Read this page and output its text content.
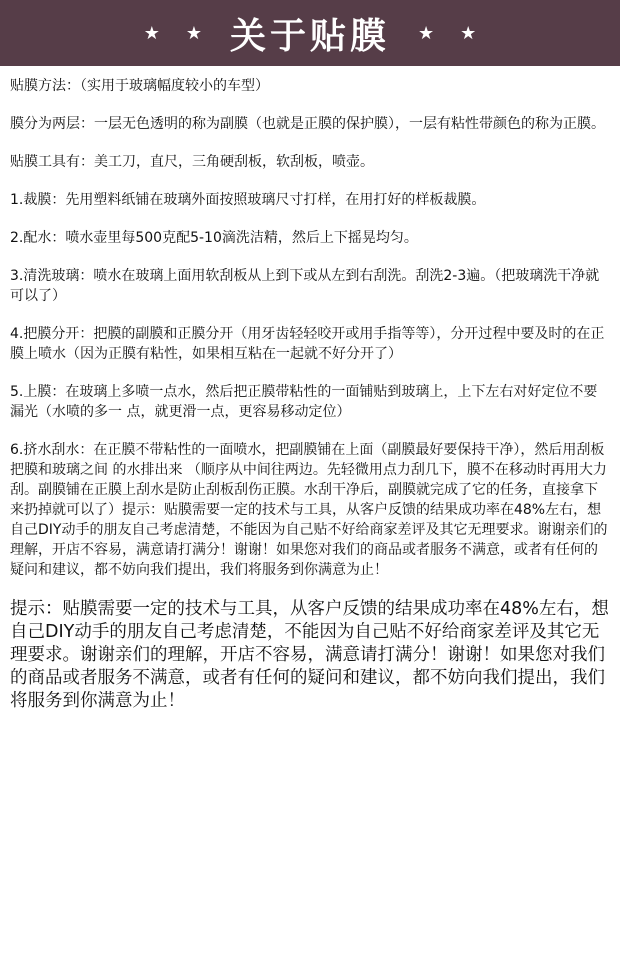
★ ★ 关于贴膜 ★ ★

贴膜方法：（实用于玻璃幅度较小的车型）

膜分为两层：一层无色透明的称为副膜（也就是正膜的保护膜），一层有粘性带颜色的称为正膜。

贴膜工具有：美工刀，直尺，三角硬刮板，软刮板，喷壶。

1.裁膜：先用塑料纸铺在玻璃外面按照玻璃尺寸打样，在用打好的样板裁膜。

2.配水：喷水壶里每500克配5-10滴洗洁精，然后上下摇晃均匀。

3.清洗玻璃：喷水在玻璃上面用软刮板从上到下或从左到右刮洗。刮洗2-3遍。（把玻璃洗干净就可以了）

4.把膜分开：把膜的副膜和正膜分开（用牙齿轻轻咬开或用手指等等），分开过程中要及时的在正膜上喷水（因为正膜有粘性，如果相互粘在一起就不好分开了）

5.上膜：在玻璃上多喷一点水，然后把正膜带粘性的一面铺贴到玻璃上，上下左右对好定位不要漏光（水喷的多一 点，就更滑一点，更容易移动定位）

6.挤水刮水：在正膜不带粘性的一面喷水，把副膜铺在上面（副膜最好要保持干净），然后用刮板把膜和玻璃之间 的水排出来 （顺序从中间往两边。先轻微用点力刮几下，膜不在移动时再用大力刮。副膜铺在正膜上刮水是防止刮板刮伤正膜。水刮干净后，副膜就完成了它的任务，直接拿下来扔掉就可以了）提示：贴膜需要一定的技术与工具，从客户反馈的结果成功率在48%左右，想自己DIY动手的朋友自己考虑清楚，不能因为自己贴不好给商家差评及其它无理要求。谢谢亲们的理解，开店不容易，满意请打满分！谢谢！如果您对我们的商品或者服务不满意，或者有任何的疑问和建议，都不妨向我们提出，我们将服务到你满意为止！

提示：贴膜需要一定的技术与工具，从客户反馈的结果成功率在48%左右，想自己DIY动手的朋友自己考虑清楚，不能因为自己贴不好给商家差评及其它无理要求。谢谢亲们的理解，开店不容易，满意请打满分！谢谢！如果您对我们的商品或者服务不满意，或者有任何的疑问和建议，都不妨向我们提出，我们将服务到你满意为止！
